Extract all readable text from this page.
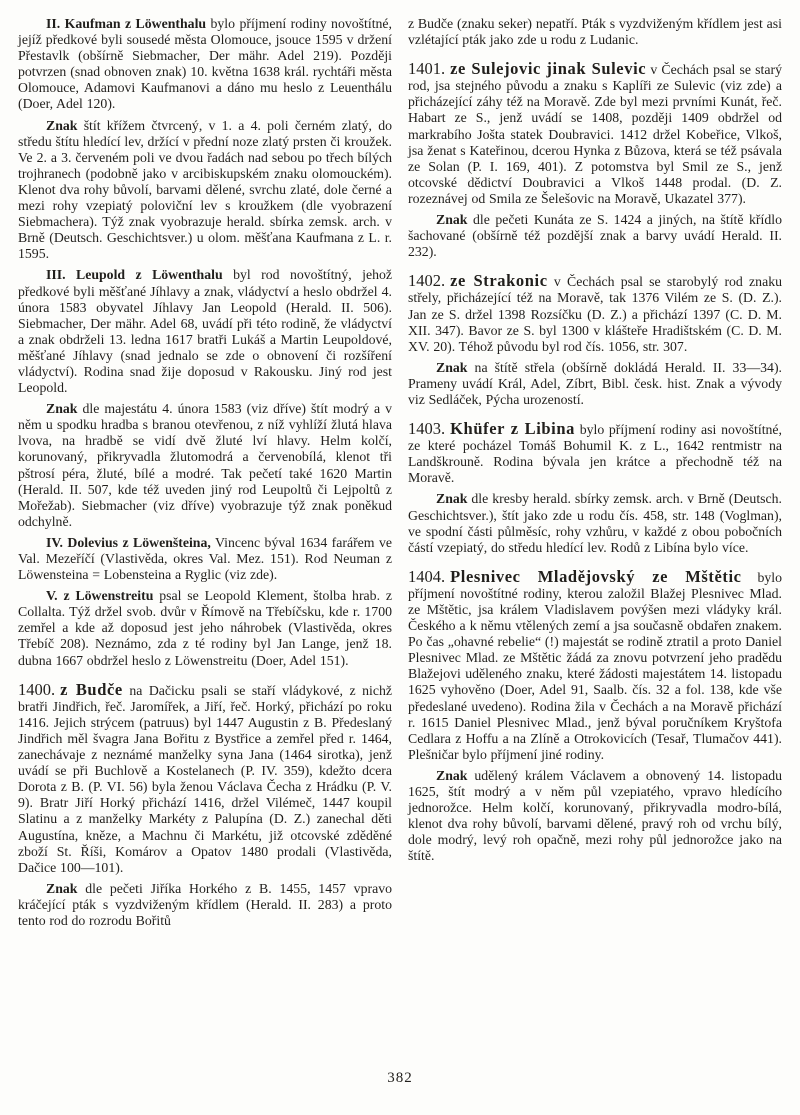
II. Kaufman z Löwenthalu bylo příjmení rodiny novoštítné, jejíž předkové byli sousedé města Olomouce, jsouce 1595 v držení Přestavlk (obšírně Siebmacher, Der mähr. Adel 219). Později potvrzen (snad obnoven znak) 10. května 1638 král. rychtáři města Olomouce, Adamovi Kaufmanovi a dáno mu heslo z Leuenthálu (Doer, Adel 120).

Znak štít křížem čtvrcený, v 1. a 4. poli černém zlatý, do středu štítu hledící lev, držící v přední noze zlatý prsten či kroužek. Ve 2. a 3. červeném poli ve dvou řadách nad sebou po třech bílých trojhranech (podobně jako v arcibiskupském znaku olomouckém). Klenot dva rohy bůvolí, barvami dělené, svrchu zlaté, dole černé a mezi rohy vzepiatý poloviční lev s kroužkem (dle vyobrazení Siebmachera). Týž znak vyobrazuje herald. sbírka zemsk. arch. v Brně (Deutsch. Geschichtsver.) u olom. měšťana Kaufmana z L. r. 1595.

III. Leupold z Löwenthalu byl rod novoštítný, jehož předkové byli měšťané Jíhlavy a znak, vládyctví a heslo obdržel 4. února 1583 obyvatel Jíhlavy Jan Leopold (Herald. II. 506). Siebmacher, Der mähr. Adel 68, uvádí při této rodině, že vládyctví a znak obdrželi 13. ledna 1617 bratři Lukáš a Martin Leupoldové, měšťané Jíhlavy (snad jednalo se zde o obnovení či rozšíření vládyctví). Rodina snad žije doposud v Rakousku. Jiný rod jest Leopold.

Znak dle majestátu 4. února 1583 (viz dříve) štít modrý a v něm u spodku hradba s branou otevřenou, z níž vyhlíží žlutá hlava lvova, na hradbě se vidí dvě žluté lví hlavy. Helm kolčí, korunovaný, přikryvadla žlutomodrá a červenobílá, klenot tři pštrosí péra, žluté, bílé a modré. Tak pečetí také 1620 Martin (Herald. II. 507, kde též uveden jiný rod Leupoltů či Lejpoltů z Mořežab). Siebmacher (viz dříve) vyobrazuje týž znak poněkud odchylně.

IV. Dolevius z Löwenšteina, Vincenc býval 1634 farářem ve Val. Mezeříčí (Vlastivěda, okres Val. Mez. 151). Rod Neuman z Löwensteina = Lobensteina a Ryglic (viz zde).

V. z Löwenstreitu psal se Leopold Klement, štolba hrab. z Collalta. Týž držel svob. dvůr v Římově na Třebíčsku, kde r. 1700 zemřel a kde až doposud jest jeho náhrobek (Vlastivěda, okres Třebíč 208). Neznámo, zda z té rodiny byl Jan Lange, jenž 18. dubna 1667 obdržel heslo z Löwenstreitu (Doer, Adel 151).

1400. z Budče na Dačicku psali se staří vládykové, z nichž bratři Jindřich, řeč. Jaromířek, a Jiří, řeč. Horký, přichází po roku 1416. Jejich strýcem (patruus) byl 1447 Augustin z B. Předeslaný Jindřich měl švagra Jana Bořitu z Bystřice a zemřel před r. 1464, zanechávaje z neznámé manželky syna Jana (1464 sirotka), jenž uvádí se při Buchlově a Kostelanech (P. IV. 359), kdežto dcera Dorota z B. (P. VI. 56) byla ženou Václava Čecha z Hrádku (P. V. 9). Bratr Jiří Horký přichází 1416, držel Vilémeč, 1447 koupil Slatinu a z manželky Markéty z Palupína (D. Z.) zanechal děti Augustína, kněze, a Machnu či Markétu, již otcovské zděděné zboží St. Říši, Komárov a Opatov 1480 prodali (Vlastivěda, Dačice 100—101).

Znak dle pečeti Jiříka Horkého z B. 1455, 1457 vpravo kráčející pták s vyzdviženým křídlem (Herald. II. 283) a proto tento rod do rozrodu Bořitů

z Budče (znaku seker) nepatří. Pták s vyzdviženým křídlem jest asi vzlétající pták jako zde u rodu z Ludanic.

1401. ze Sulejovic jinak Sulevic v Čechách psal se starý rod, jsa stejného původu a znaku s Kaplíři ze Sulevic (viz zde) a přicházející záhy též na Moravě. Zde byl mezi prvními Kunát, řeč. Habart ze S., jenž uvádí se 1408, později 1409 obdržel od markrabího Jošta statek Doubravici. 1412 držel Kobeřice, Vlkoš, jsa ženat s Kateřinou, dcerou Hynka z Bůzova, která se též psávala ze Solan (P. I. 169, 401). Z potomstva byl Smil ze S., jenž otcovské dědictví Doubravici a Vlkoš 1448 prodal. (D. Z. rozeznávej od Smila ze Šelešovic na Moravě, Ukazatel 377).

Znak dle pečeti Kunáta ze S. 1424 a jiných, na štítě křídlo šachované (obšírně též pozdější znak a barvy uvádí Herald. II. 232).

1402. ze Strakonic v Čechách psal se starobylý rod znaku střely, přicházející též na Moravě, tak 1376 Vilém ze S. (D. Z.). Jan ze S. držel 1398 Rozsíčku (D. Z.) a přichází 1397 (C. D. M. XII. 347). Bavor ze S. byl 1300 v klášteře Hradištském (C. D. M. XV. 20). Téhož původu byl rod čís. 1056, str. 307.

Znak na štítě střela (obšírně dokládá Herald. II. 33—34). Prameny uvádí Král, Adel, Zíbrt, Bibl. česk. hist. Znak a vývody viz Sedláček, Pýcha urozeností.

1403. Khüfer z Libina bylo příjmení rodiny asi novoštítné, ze které pocházel Tomáš Bohumil K. z L., 1642 rentmistr na Landškrouně. Rodina bývala jen krátce a přechodně též na Moravě.

Znak dle kresby herald. sbírky zemsk. arch. v Brně (Deutsch. Geschichtsver.), štít jako zde u rodu čís. 458, str. 148 (Voglman), ve spodní části půlměsíc, rohy vzhůru, v každé z obou pobočních částí vzepiatý, do středu hledící lev. Rodů z Libína bylo více.

1404. Plesnivec Mladějovský ze Mštětic bylo příjmení novoštítné rodiny, kterou založil Blažej Plesnivec Mlad. ze Mštětic, jsa králem Vladislavem povýšen mezi vládyky král. Českého a k němu vtělených zemí a jsa současně obdařen znakem. Po čas „ohavné rebelie“ (!) majestát se rodině ztratil a proto Daniel Plesnivec Mlad. ze Mštětic žádá za znovu potvrzení jeho pradědu Blažejovi uděleného znaku, které žádosti majestátem 14. listopadu 1625 vyhověno (Doer, Adel 91, Saalb. čís. 32 a fol. 138, kde vše předeslané uvedeno). Rodina žila v Čechách a na Moravě přichází r. 1615 Daniel Plesnivec Mlad., jenž býval poručníkem Kryštofa Cedlara z Hoffu a na Zlíně a Otrokovicích (Tesař, Tlumačov 441). Plešničar bylo příjmení jiné rodiny.

Znak udělený králem Václavem a obnovený 14. listopadu 1625, štít modrý a v něm půl vzepiatého, vpravo hledícího jednorožce. Helm kolčí, korunovaný, přikryvadla modro-bílá, klenot dva rohy bůvolí, barvami dělené, pravý roh od vrchu bílý, dole modrý, levý roh opačně, mezi rohy půl jednorožce jako na štítě.

382
